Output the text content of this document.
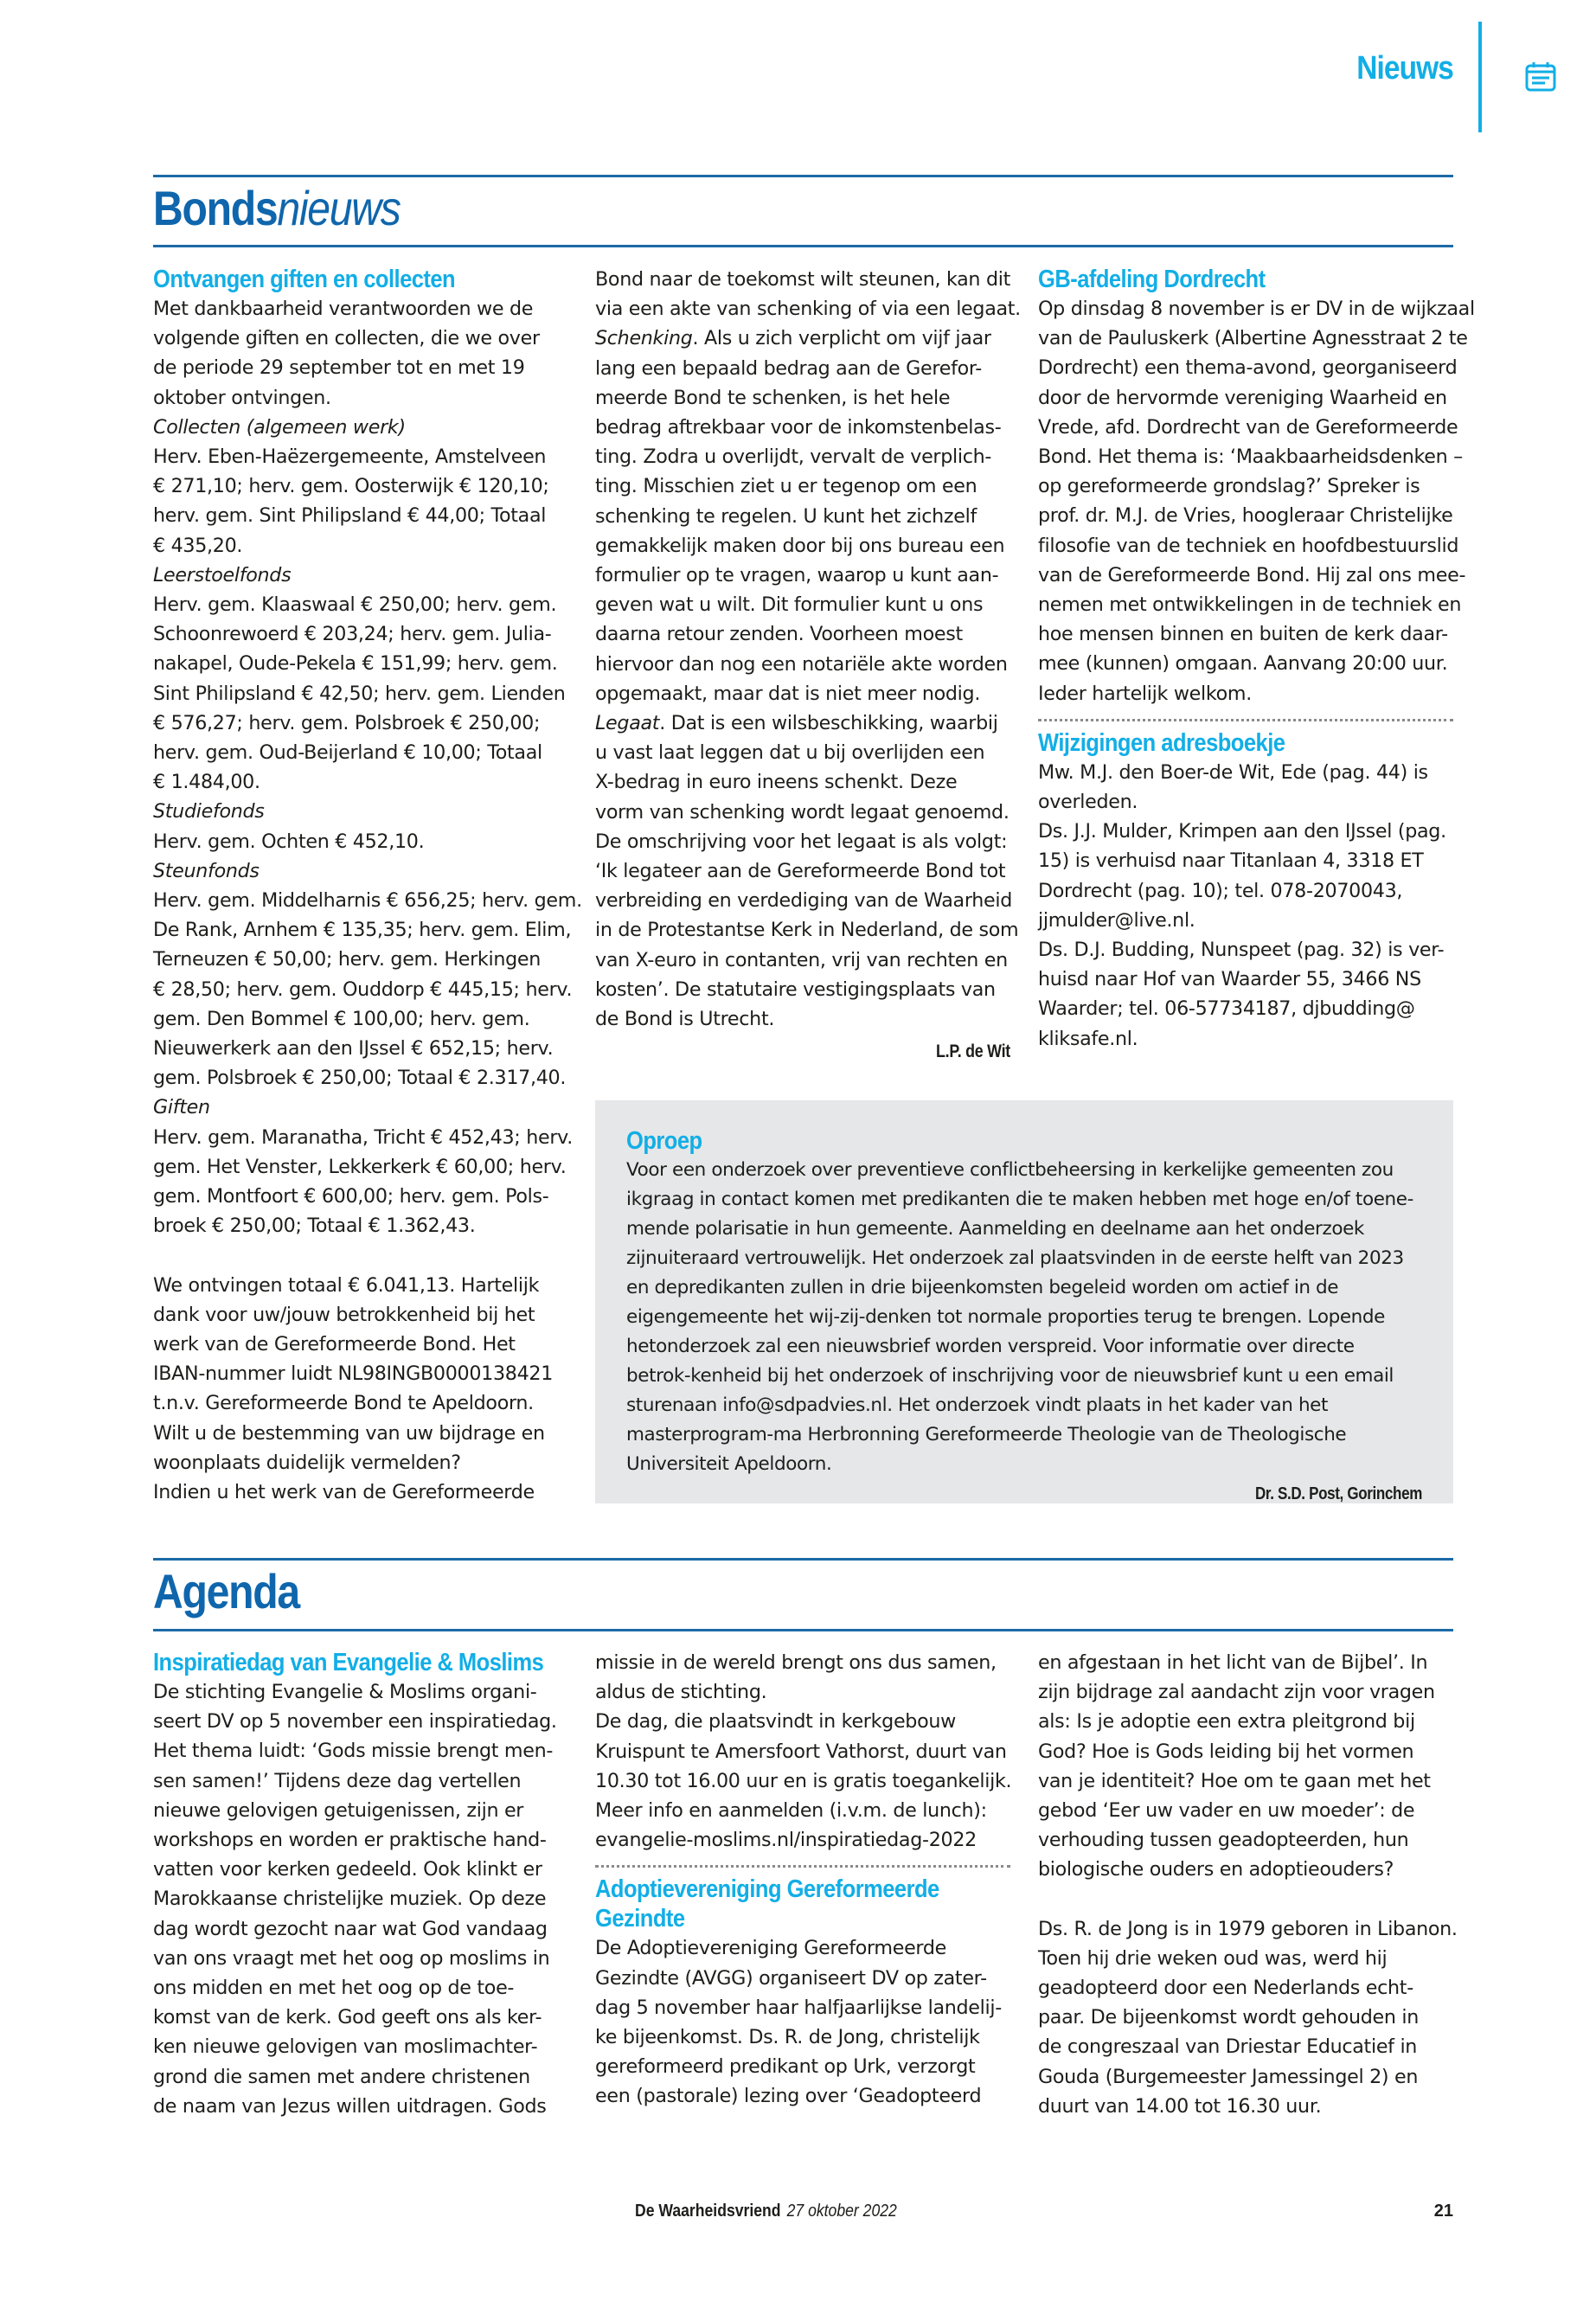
Nieuws
Bondsnieuws
Ontvangen giften en collecten
Met dankbaarheid verantwoorden we de
volgende giften en collecten, die we over
de periode 29 september tot en met 19
oktober ontvingen.
Collecten (algemeen werk)
Herv. Eben-Haëzergemeente, Amstelveen
€ 271,10; herv. gem. Oosterwijk € 120,10;
herv. gem. Sint Philipsland € 44,00; Totaal
€ 435,20.
Leerstoelfonds
Herv. gem. Klaaswaal € 250,00; herv. gem.
Schoonrewoerd € 203,24; herv. gem. Julia-
nakapel, Oude-Pekela € 151,99; herv. gem.
Sint Philipsland € 42,50; herv. gem. Lienden
€ 576,27; herv. gem. Polsbroek € 250,00;
herv. gem. Oud-Beijerland € 10,00; Totaal
€ 1.484,00.
Studiefonds
Herv. gem. Ochten € 452,10.
Steunfonds
Herv. gem. Middelharnis € 656,25; herv. gem.
De Rank, Arnhem € 135,35; herv. gem. Elim,
Terneuzen € 50,00; herv. gem. Herkingen
€ 28,50; herv. gem. Ouddorp € 445,15; herv.
gem. Den Bommel € 100,00; herv. gem.
Nieuwerkerk aan den IJssel € 652,15; herv.
gem. Polsbroek € 250,00; Totaal € 2.317,40.
Giften
Herv. gem. Maranatha, Tricht € 452,43; herv.
gem. Het Venster, Lekkerkerk € 60,00; herv.
gem. Montfoort € 600,00; herv. gem. Pols-
broek € 250,00; Totaal € 1.362,43.
We ontvingen totaal € 6.041,13. Hartelijk
dank voor uw/jouw betrokkenheid bij het
werk van de Gereformeerde Bond. Het
IBAN-nummer luidt NL98INGB0000138421
t.n.v. Gereformeerde Bond te Apeldoorn.
Wilt u de bestemming van uw bijdrage en
woonplaats duidelijk vermelden?
Indien u het werk van de Gereformeerde
Bond naar de toekomst wilt steunen, kan dit
via een akte van schenking of via een legaat.
Schenking. Als u zich verplicht om vijf jaar
lang een bepaald bedrag aan de Gerefor-
meerde Bond te schenken, is het hele
bedrag aftrekbaar voor de inkomstenbelas-
ting. Zodra u overlijdt, vervalt de verplich-
ting. Misschien ziet u er tegenop om een
schenking te regelen. U kunt het zichzelf
gemakkelijk maken door bij ons bureau een
formulier op te vragen, waarop u kunt aan-
geven wat u wilt. Dit formulier kunt u ons
daarna retour zenden. Voorheen moest
hiervoor dan nog een notariële akte worden
opgemaakt, maar dat is niet meer nodig.
Legaat. Dat is een wilsbeschikking, waarbij
u vast laat leggen dat u bij overlijden een
X-bedrag in euro ineens schenkt. Deze
vorm van schenking wordt legaat genoemd.
De omschrijving voor het legaat is als volgt:
‘Ik legateer aan de Gereformeerde Bond tot
verbreiding en verdediging van de Waarheid
in de Protestantse Kerk in Nederland, de som
van X-euro in contanten, vrij van rechten en
kosten’. De statutaire vestigingsplaats van
de Bond is Utrecht.
L.P. de Wit
GB-afdeling Dordrecht
Op dinsdag 8 november is er DV in de wijkzaal
van de Pauluskerk (Albertine Agnesstraat 2 te
Dordrecht) een thema-avond, georganiseerd
door de hervormde vereniging Waarheid en
Vrede, afd. Dordrecht van de Gereformeerde
Bond. Het thema is: ‘Maakbaarheidsdenken –
op gereformeerde grondslag?’ Spreker is
prof. dr. M.J. de Vries, hoogleraar Christelijke
filosofie van de techniek en hoofdbestuurslid
van de Gereformeerde Bond. Hij zal ons mee-
nemen met ontwikkelingen in de techniek en
hoe mensen binnen en buiten de kerk daar-
mee (kunnen) omgaan. Aanvang 20:00 uur.
Ieder hartelijk welkom.
Wijzigingen adresboekje
Mw. M.J. den Boer-de Wit, Ede (pag. 44) is
overleden.
Ds. J.J. Mulder, Krimpen aan den IJssel (pag.
15) is verhuisd naar Titanlaan 4, 3318 ET
Dordrecht (pag. 10); tel. 078-2070043,
jjmulder@live.nl.
Ds. D.J. Budding, Nunspeet (pag. 32) is ver-
huisd naar Hof van Waarder 55, 3466 NS
Waarder; tel. 06-57734187, djbudding@
kliksafe.nl.
Oproep
Voor een onderzoek over preventieve conflictbeheersing in kerkelijke gemeenten zou ikgraag in contact komen met predikanten die te maken hebben met hoge en/of toene-mende polarisatie in hun gemeente. Aanmelding en deelname aan het onderzoek zijnuiteraard vertrouwelijk. Het onderzoek zal plaatsvinden in de eerste helft van 2023 en depredikanten zullen in drie bijeenkomsten begeleid worden om actief in de eigengemeente het wij-zij-denken tot normale proporties terug te brengen. Lopende hetonderzoek zal een nieuwsbrief worden verspreid. Voor informatie over directe betrok-kenheid bij het onderzoek of inschrijving voor de nieuwsbrief kunt u een email sturenaan info@sdpadvies.nl. Het onderzoek vindt plaats in het kader van het masterprogram-ma Herbronning Gereformeerde Theologie van de Theologische Universiteit Apeldoorn.
Dr. S.D. Post, Gorinchem
Agenda
Inspiratiedag van Evangelie & Moslims
De stichting Evangelie & Moslims organi-
seert DV op 5 november een inspiratiedag.
Het thema luidt: ‘Gods missie brengt men-
sen samen!’ Tijdens deze dag vertellen
nieuwe gelovigen getuigenissen, zijn er
workshops en worden er praktische hand-
vatten voor kerken gedeeld. Ook klinkt er
Marokkaanse christelijke muziek. Op deze
dag wordt gezocht naar wat God vandaag
van ons vraagt met het oog op moslims in
ons midden en met het oog op de toe-
komst van de kerk. God geeft ons als ker-
ken nieuwe gelovigen van moslimachter-
grond die samen met andere christenen
de naam van Jezus willen uitdragen. Gods
missie in de wereld brengt ons dus samen,
aldus de stichting.
De dag, die plaatsvindt in kerkgebouw
Kruispunt te Amersfoort Vathorst, duurt van
10.30 tot 16.00 uur en is gratis toegankelijk.
Meer info en aanmelden (i.v.m. de lunch):
evangelie-moslims.nl/inspiratiedag-2022
Adoptievereniging Gereformeerde
Gezindte
De Adoptievereniging Gereformeerde
Gezindte (AVGG) organiseert DV op zater-
dag 5 november haar halfjaarlijkse landelij-
ke bijeenkomst. Ds. R. de Jong, christelijk
gereformeerd predikant op Urk, verzorgt
een (pastorale) lezing over ‘Geadopteerd
en afgestaan in het licht van de Bijbel’. In
zijn bijdrage zal aandacht zijn voor vragen
als: Is je adoptie een extra pleitgrond bij
God? Hoe is Gods leiding bij het vormen
van je identiteit? Hoe om te gaan met het
gebod ‘Eer uw vader en uw moeder’: de
verhouding tussen geadopteerden, hun
biologische ouders en adoptieouders?
Ds. R. de Jong is in 1979 geboren in Libanon.
Toen hij drie weken oud was, werd hij
geadopteerd door een Nederlands echt-
paar. De bijeenkomst wordt gehouden in
de congreszaal van Driestar Educatief in
Gouda (Burgemeester Jamessingel 2) en
duurt van 14.00 tot 16.30 uur.
De Waarheidsvriend 27 oktober 2022	21
